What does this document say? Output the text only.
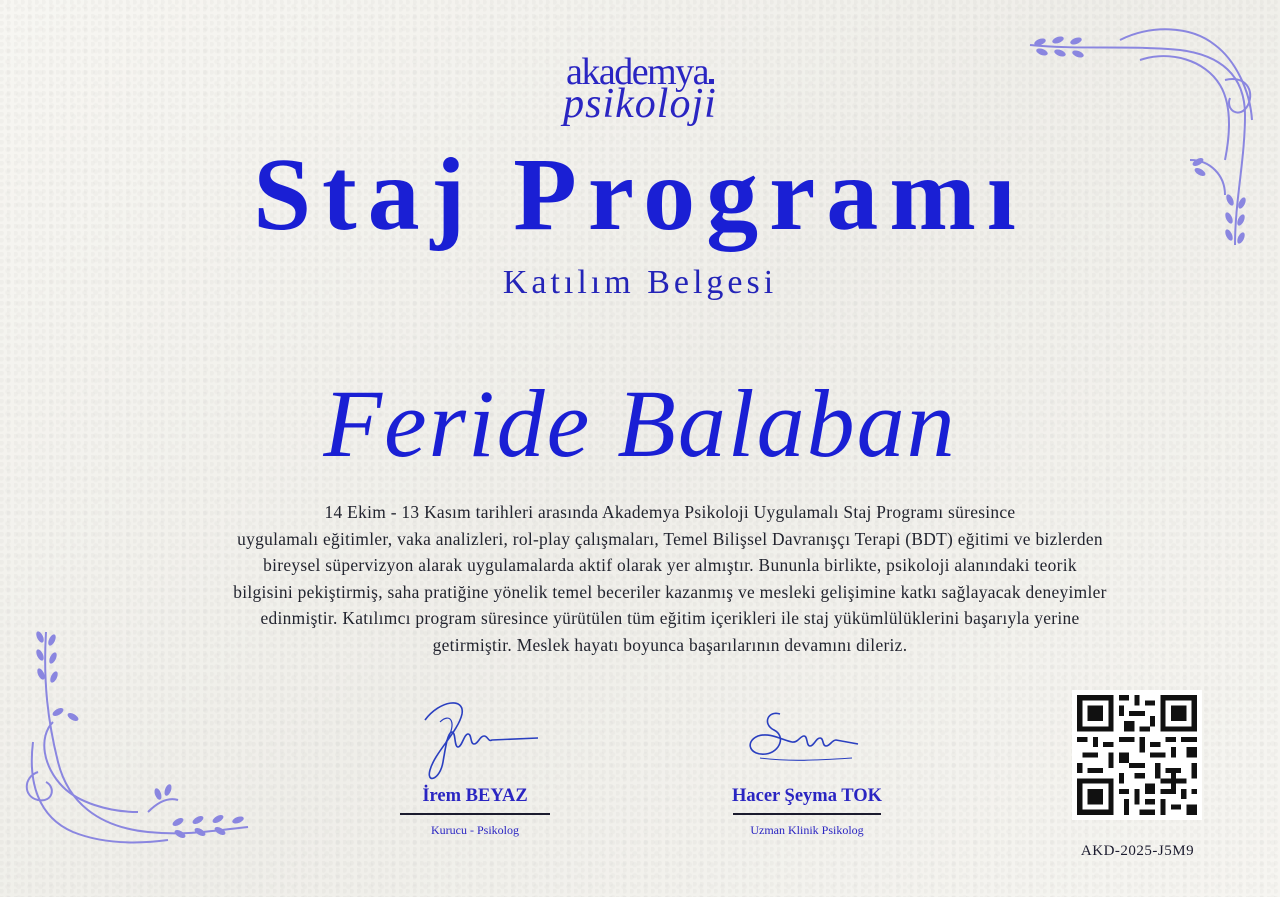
akademya
psikoloji
Staj Programı
Katılım Belgesi
Feride Balaban
14 Ekim - 13 Kasım tarihleri arasında Akademya Psikoloji Uygulamalı Staj Programı süresince
uygulamalı eğitimler, vaka analizleri, rol-play çalışmaları, Temel Bilişsel Davranışçı Terapi (BDT) eğitimi ve bizlerden
bireysel süpervizyon alarak uygulamalarda aktif olarak yer almıştır. Bununla birlikte, psikoloji alanındaki teorik
bilgisini pekiştirmiş, saha pratiğine yönelik temel beceriler kazanmış ve mesleki gelişimine katkı sağlayacak deneyimler
edinmiştir. Katılımcı program süresince yürütülen tüm eğitim içerikleri ile staj yükümlülüklerini başarıyla yerine
getirmiştir. Meslek hayatı boyunca başarılarının devamını dileriz.
İrem BEYAZ
Kurucu - Psikolog
Hacer Şeyma TOK
Uzman Klinik Psikolog
AKD-2025-J5M9
